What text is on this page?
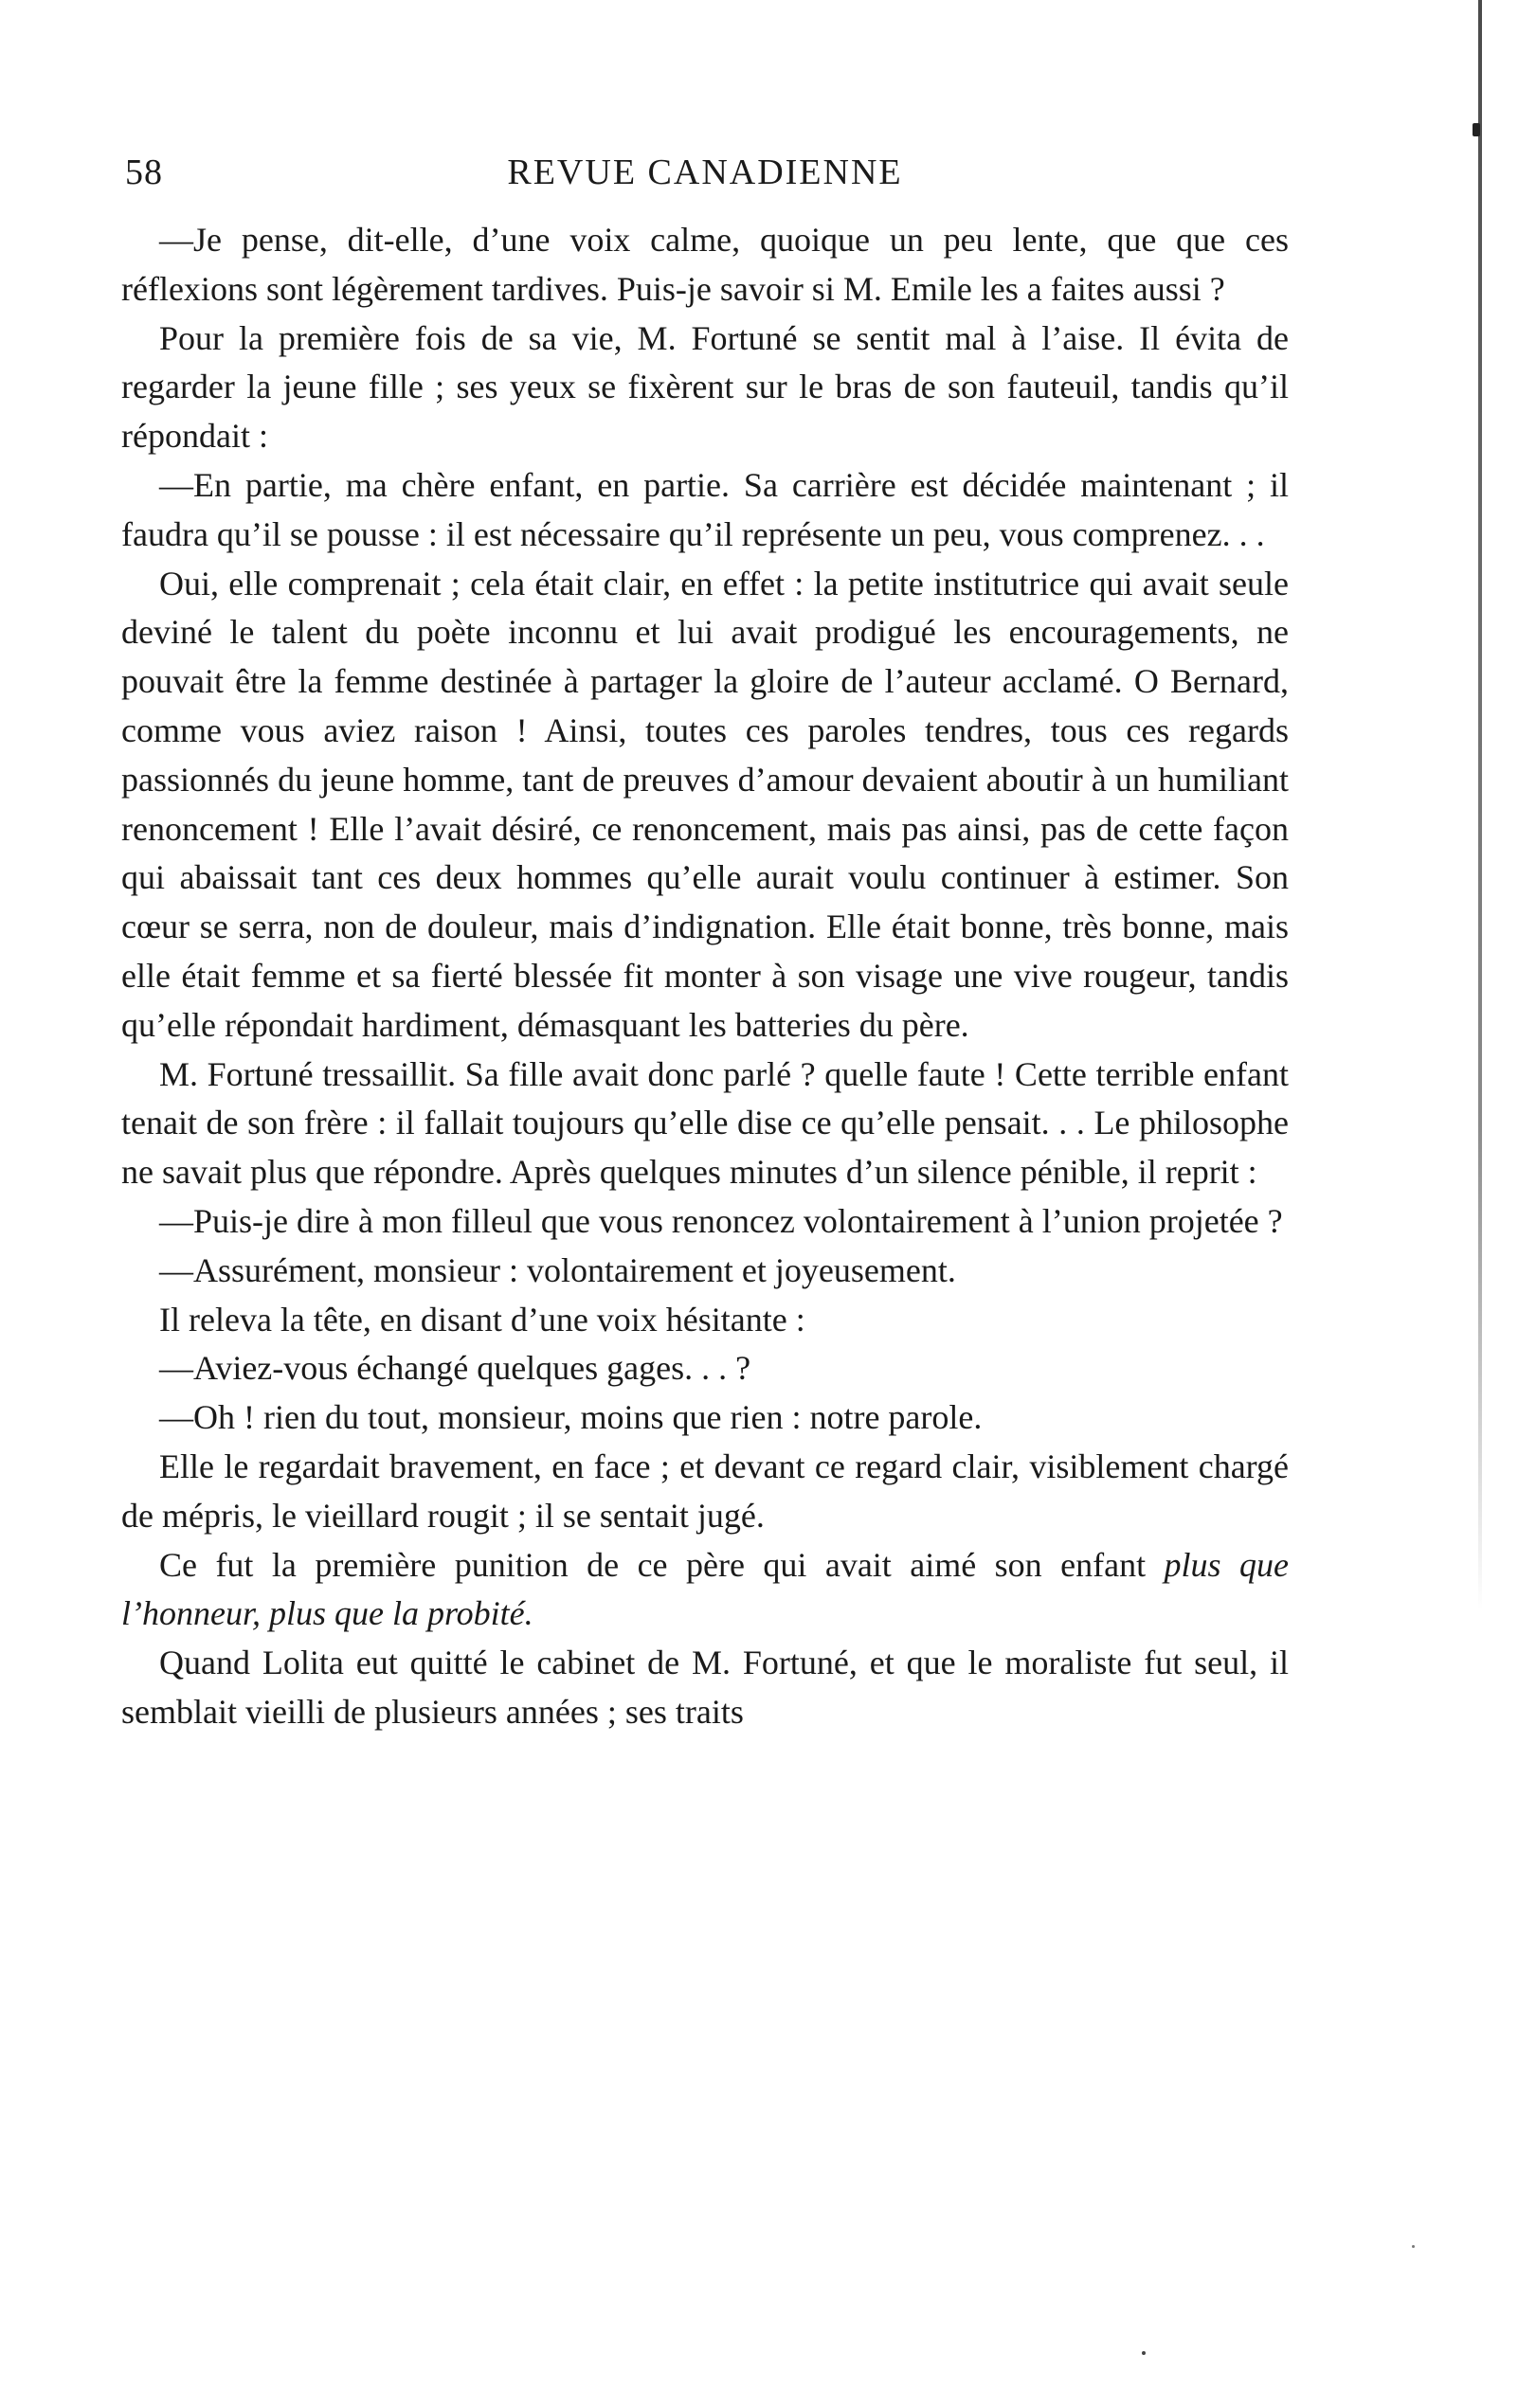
58	REVUE CANADIENNE

—Je pense, dit-elle, d’une voix calme, quoique un peu lente, que que ces réflexions sont légèrement tardives. Puis-je savoir si M. Emile les a faites aussi ?

Pour la première fois de sa vie, M. Fortuné se sentit mal à l’aise. Il évita de regarder la jeune fille ; ses yeux se fixèrent sur le bras de son fauteuil, tandis qu’il répondait :

—En partie, ma chère enfant, en partie. Sa carrière est décidée maintenant ; il faudra qu’il se pousse : il est nécessaire qu’il représente un peu, vous comprenez. . .

Oui, elle comprenait ; cela était clair, en effet : la petite institutrice qui avait seule deviné le talent du poète inconnu et lui avait prodigué les encouragements, ne pouvait être la femme destinée à partager la gloire de l’auteur acclamé. O Bernard, comme vous aviez raison ! Ainsi, toutes ces paroles tendres, tous ces regards passionnés du jeune homme, tant de preuves d’amour devaient aboutir à un humiliant renoncement ! Elle l’avait désiré, ce renoncement, mais pas ainsi, pas de cette façon qui abaissait tant ces deux hommes qu’elle aurait voulu continuer à estimer. Son cœur se serra, non de douleur, mais d’indignation. Elle était bonne, très bonne, mais elle était femme et sa fierté blessée fit monter à son visage une vive rougeur, tandis qu’elle répondait hardiment, démasquant les batteries du père.

M. Fortuné tressaillit. Sa fille avait donc parlé ? quelle faute ! Cette terrible enfant tenait de son frère : il fallait toujours qu’elle dise ce qu’elle pensait. . . Le philosophe ne savait plus que répondre. Après quelques minutes d’un silence pénible, il reprit :

—Puis-je dire à mon filleul que vous renoncez volontairement à l’union projetée ?

—Assurément, monsieur : volontairement et joyeusement.

Il releva la tête, en disant d’une voix hésitante :

—Aviez-vous échangé quelques gages. . . ?

—Oh ! rien du tout, monsieur, moins que rien : notre parole.

Elle le regardait bravement, en face ; et devant ce regard clair, visiblement chargé de mépris, le vieillard rougit ; il se sentait jugé.

Ce fut la première punition de ce père qui avait aimé son enfant plus que l’honneur, plus que la probité.

Quand Lolita eut quitté le cabinet de M. Fortuné, et que le moraliste fut seul, il semblait vieilli de plusieurs années ; ses traits
